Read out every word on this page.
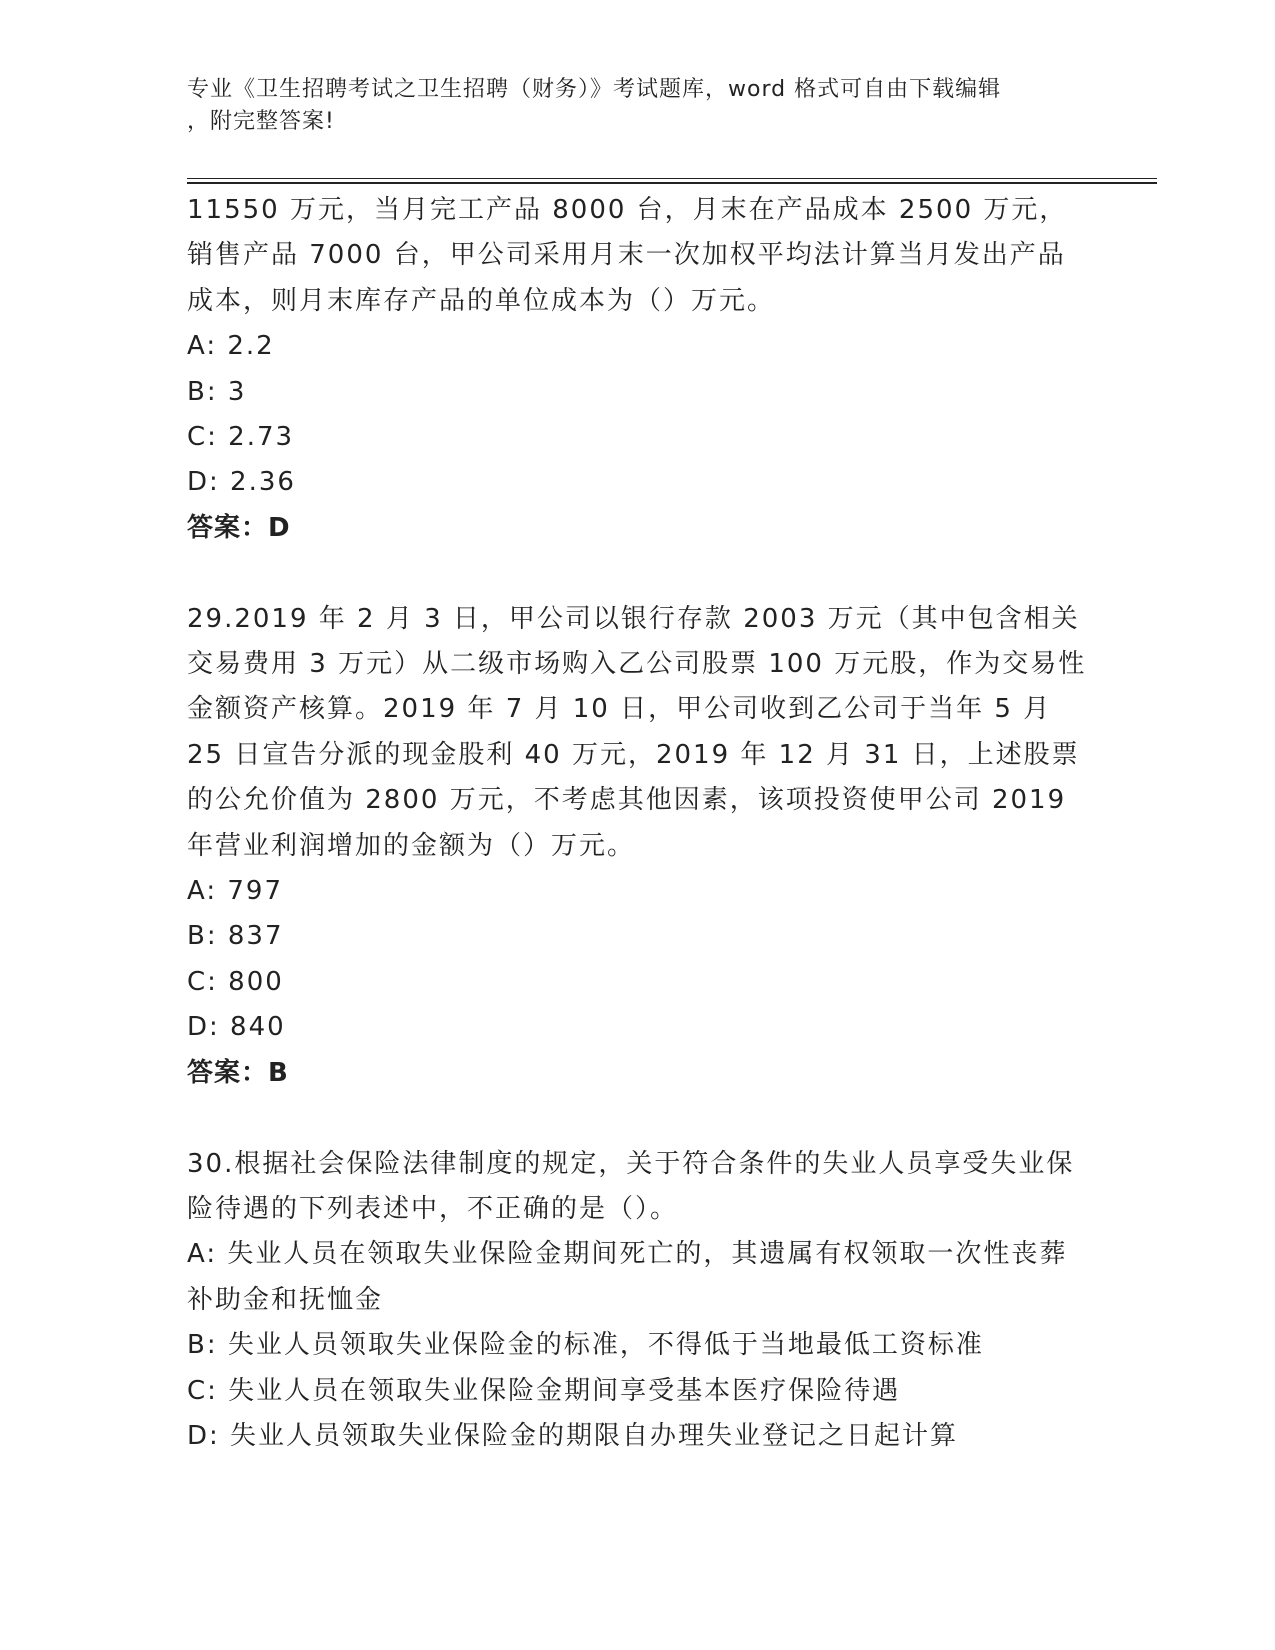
专业《卫生招聘考试之卫生招聘（财务）》考试题库，word 格式可自由下载编辑
，附完整答案!

11550 万元，当月完工产品 8000 台，月末在产品成本 2500 万元，销售产品 7000 台，甲公司采用月末一次加权平均法计算当月发出产品成本，则月末库存产品的单位成本为（）万元。

A: 2.2

B: 3

C: 2.73

D: 2.36

答案：D

29.2019 年 2 月 3 日，甲公司以银行存款 2003 万元（其中包含相关交易费用 3 万元）从二级市场购入乙公司股票 100 万元股，作为交易性金额资产核算。2019 年 7 月 10 日，甲公司收到乙公司于当年 5 月 25 日宣告分派的现金股利 40 万元，2019 年 12 月 31 日，上述股票的公允价值为 2800 万元，不考虑其他因素，该项投资使甲公司 2019 年营业利润增加的金额为（）万元。

A: 797

B: 837

C: 800

D: 840

答案：B

30.根据社会保险法律制度的规定，关于符合条件的失业人员享受失业保险待遇的下列表述中，不正确的是（）。

A: 失业人员在领取失业保险金期间死亡的，其遗属有权领取一次性丧葬补助金和抚恤金

B: 失业人员领取失业保险金的标准，不得低于当地最低工资标准

C: 失业人员在领取失业保险金期间享受基本医疗保险待遇

D: 失业人员领取失业保险金的期限自办理失业登记之日起计算
